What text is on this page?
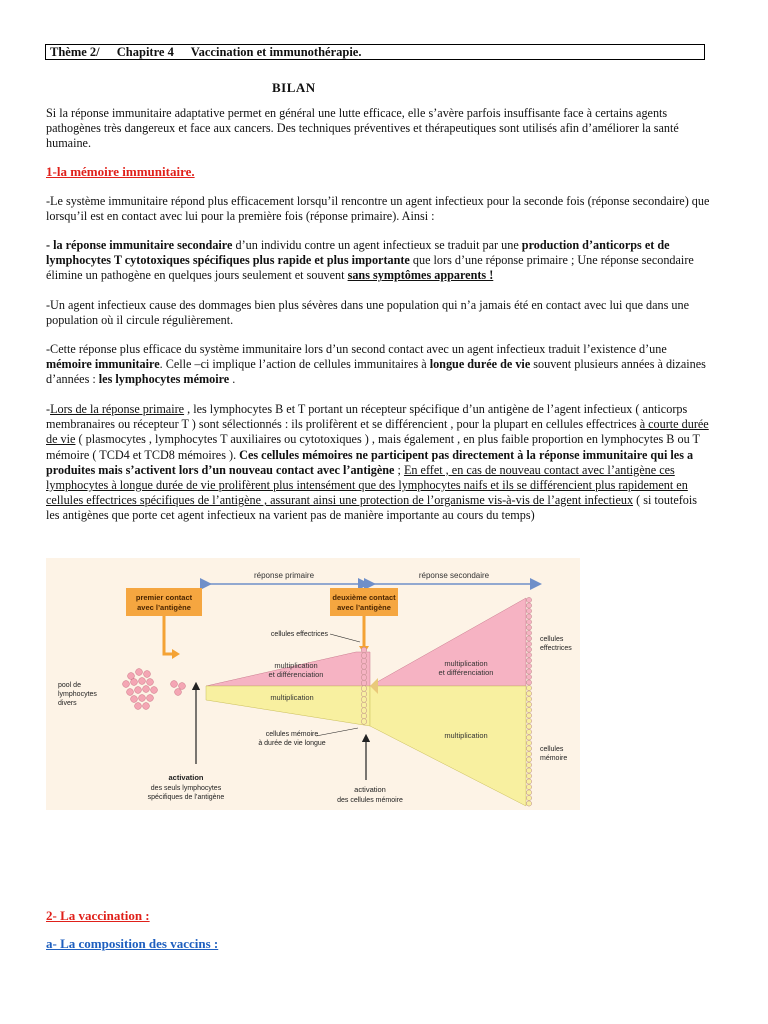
Thème 2/ Chapitre 4 Vaccination et immunothérapie.
BILAN
Si la réponse immunitaire adaptative permet en général une lutte efficace, elle s’avère parfois insuffisante face à certains agents pathogènes très dangereux et face aux cancers. Des techniques préventives et thérapeutiques sont utilisés afin d’améliorer la santé humaine.
1-la mémoire immunitaire.
-Le système immunitaire répond plus efficacement lorsqu’il rencontre un agent infectieux pour la seconde fois (réponse secondaire) que lorsqu’il est en contact avec lui pour la première fois (réponse primaire). Ainsi :
- la réponse immunitaire secondaire d’un individu contre un agent infectieux se traduit par une production d’anticorps et de lymphocytes T cytotoxiques spécifiques plus rapide et plus importante que lors d’une réponse primaire ; Une réponse secondaire élimine un pathogène en quelques jours seulement et souvent sans symptômes apparents !
-Un agent infectieux cause des dommages bien plus sévères dans une population qui n’a jamais été en contact avec lui que dans une population où il circule régulièrement.
-Cette réponse plus efficace du système immunitaire lors d’un second contact avec un agent infectieux traduit l’existence d’une mémoire immunitaire. Celle –ci implique l’action de cellules immunitaires à longue durée de vie souvent plusieurs années à dizaines d’années : les lymphocytes mémoire .
-Lors de la réponse primaire , les lymphocytes B et T portant un récepteur spécifique d’un antigène de l’agent infectieux ( anticorps membranaires ou récepteur T ) sont sélectionnés : ils prolifèrent et se différencient , pour la plupart en cellules effectrices à courte durée de vie ( plasmocytes , lymphocytes T auxiliaires ou cytotoxiques ) , mais également , en plus faible proportion en lymphocytes B ou T mémoire ( TCD4 et TCD8 mémoires ). Ces cellules mémoires ne participent pas directement à la réponse immunitaire qui les a produites mais s’activent lors d’un nouveau contact avec l’antigène ; En effet , en cas de nouveau contact avec l’antigène ces lymphocytes à longue durée de vie prolifèrent plus intensément que des lymphocytes naifs et ils se différencient plus rapidement en cellules effectrices spécifiques de l’antigène , assurant ainsi une protection de l’organisme vis-à-vis de l’agent infectieux ( si toutefois les antigènes que porte cet agent infectieux na varient pas de manière importante au cours du temps)
réponse primaire	réponse secondaire
premier contact
avec l’antigène
deuxième contact
avec l’antigène
multiplication
et différenciation
multiplication
multiplication
et différenciation
multiplication
cellules effectrices
pool de
lymphocytes
divers
cellules mémoire
à durée de vie longue
cellules
effectrices
cellules
mémoire
activation
des seuls lymphocytes
spécifiques de l’antigène
activation
des cellules mémoire
2- La vaccination :
a- La composition des vaccins :
